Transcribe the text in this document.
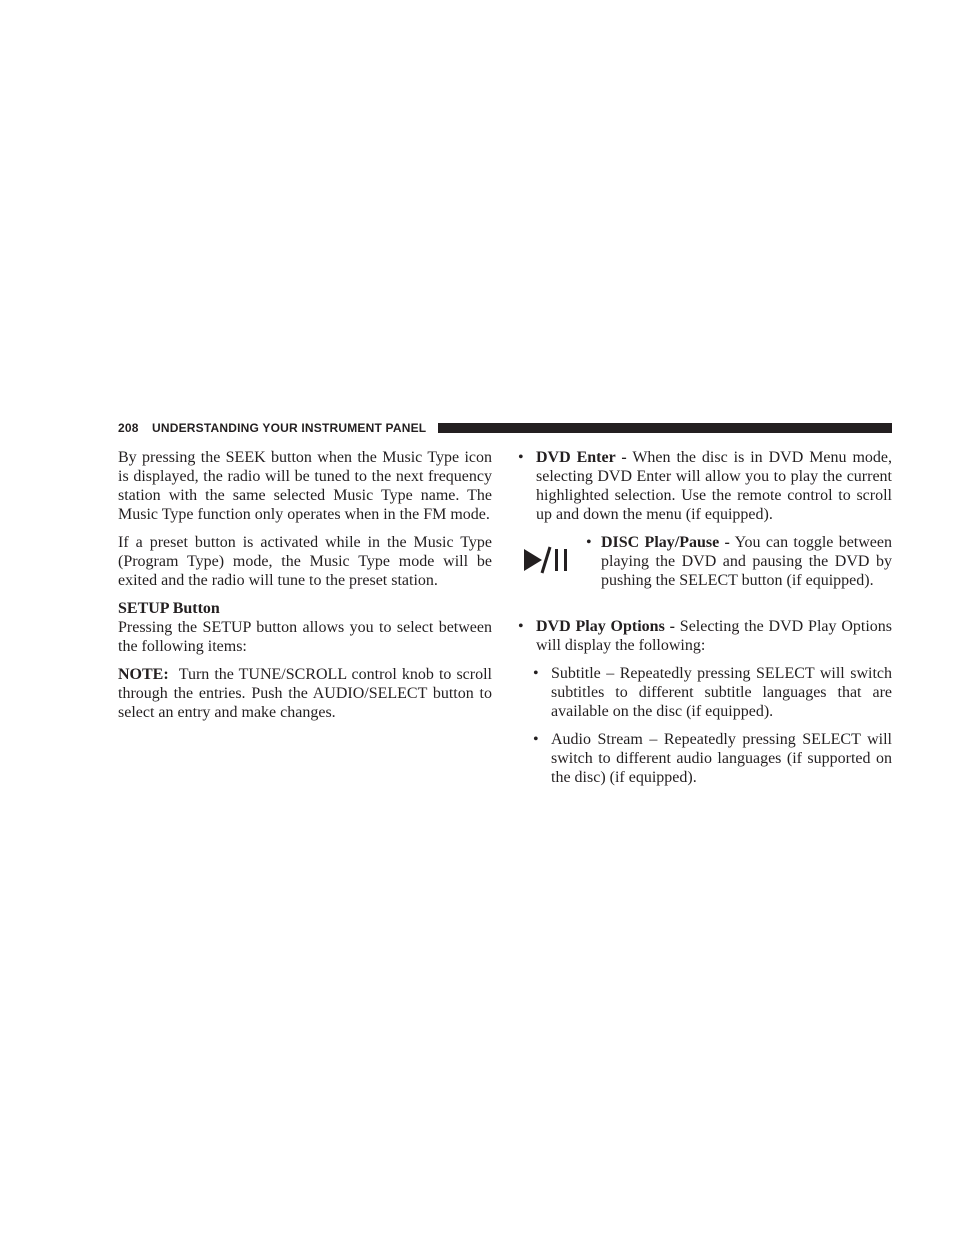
208 UNDERSTANDING YOUR INSTRUMENT PANEL

By pressing the SEEK button when the Music Type icon is displayed, the radio will be tuned to the next frequency station with the same selected Music Type name. The Music Type function only operates when in the FM mode.

If a preset button is activated while in the Music Type (Program Type) mode, the Music Type mode will be exited and the radio will tune to the preset station.

SETUP Button

Pressing the SETUP button allows you to select between the following items:

NOTE: Turn the TUNE/SCROLL control knob to scroll through the entries. Push the AUDIO/SELECT button to select an entry and make changes.

• DVD Enter - When the disc is in DVD Menu mode, selecting DVD Enter will allow you to play the current highlighted selection. Use the remote control to scroll up and down the menu (if equipped).
• DISC Play/Pause - You can toggle between playing the DVD and pausing the DVD by pushing the SELECT button (if equipped).
• DVD Play Options - Selecting the DVD Play Options will display the following:
• Subtitle – Repeatedly pressing SELECT will switch subtitles to different subtitle languages that are available on the disc (if equipped).
• Audio Stream – Repeatedly pressing SELECT will switch to different audio languages (if supported on the disc) (if equipped).
